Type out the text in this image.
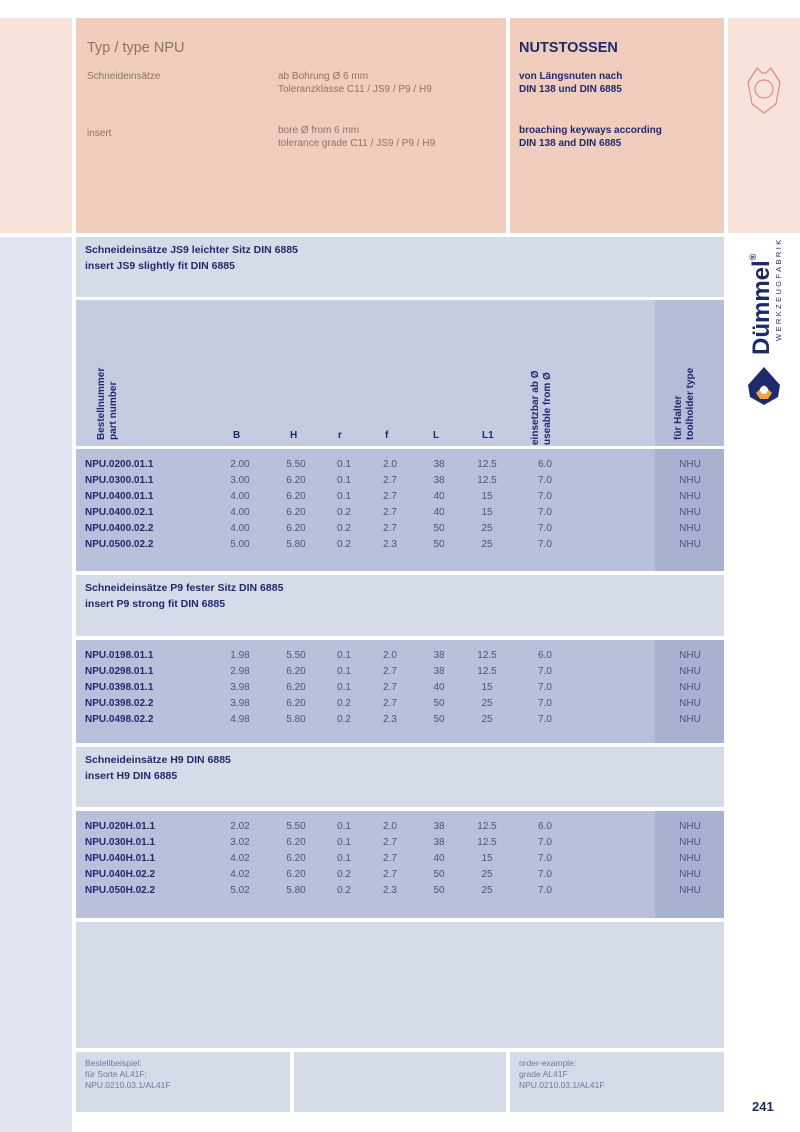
Typ / type NPU	NUTSTOSSEN
Schneideinsätze	ab Bohrung Ø 6 mm
Toleranzklasse C11 / JS9 / P9 / H9
von Längsnuten nach
DIN 138 und DIN 6885
insert	bore Ø from 6 mm
tolerance grade C11 / JS9 / P9 / H9
broaching keyways according
DIN 138 and DIN 6885
Dümmel®	WERKZEUGFABRIK
Schneideinsätze JS9 leichter Sitz DIN 6885
insert JS9 slightly fit DIN 6885
Bestellnummer part number	einsetzbar ab Ø useable from Ø	für Halter toolholder type
B	H	r	f	L	L1
NPU.0200.01.1	2.00	5.50	0.1	2.0	38	12.5	6.0	NHU
NPU.0300.01.1	3.00	6.20	0.1	2.7	38	12.5	7.0	NHU
NPU.0400.01.1	4.00	6.20	0.1	2.7	40	15	7.0	NHU
NPU.0400.02.1	4.00	6.20	0.2	2.7	40	15	7.0	NHU
NPU.0400.02.2	4.00	6.20	0.2	2.7	50	25	7.0	NHU
NPU.0500.02.2	5.00	5.80	0.2	2.3	50	25	7.0	NHU
Schneideinsätze P9 fester Sitz DIN 6885
insert P9 strong fit DIN 6885
NPU.0198.01.1	1.98	5.50	0.1	2.0	38	12.5	6.0	NHU
NPU.0298.01.1	2.98	6.20	0.1	2.7	38	12.5	7.0	NHU
NPU.0398.01.1	3.98	6.20	0.1	2.7	40	15	7.0	NHU
NPU.0398.02.2	3.98	6.20	0.2	2.7	50	25	7.0	NHU
NPU.0498.02.2	4.98	5.80	0.2	2.3	50	25	7.0	NHU
Schneideinsätze H9 DIN 6885
insert H9 DIN 6885
NPU.020H.01.1	2.02	5.50	0.1	2.0	38	12.5	6.0	NHU
NPU.030H.01.1	3.02	6.20	0.1	2.7	38	12.5	7.0	NHU
NPU.040H.01.1	4.02	6.20	0.1	2.7	40	15	7.0	NHU
NPU.040H.02.2	4.02	6.20	0.2	2.7	50	25	7.0	NHU
NPU.050H.02.2	5.02	5.80	0.2	2.3	50	25	7.0	NHU
Bestellbeispiel:
für Sorte AL41F:
NPU.0210.03.1/AL41F
order-example:
grade AL41F
NPU.0210.03.1/AL41F
241
